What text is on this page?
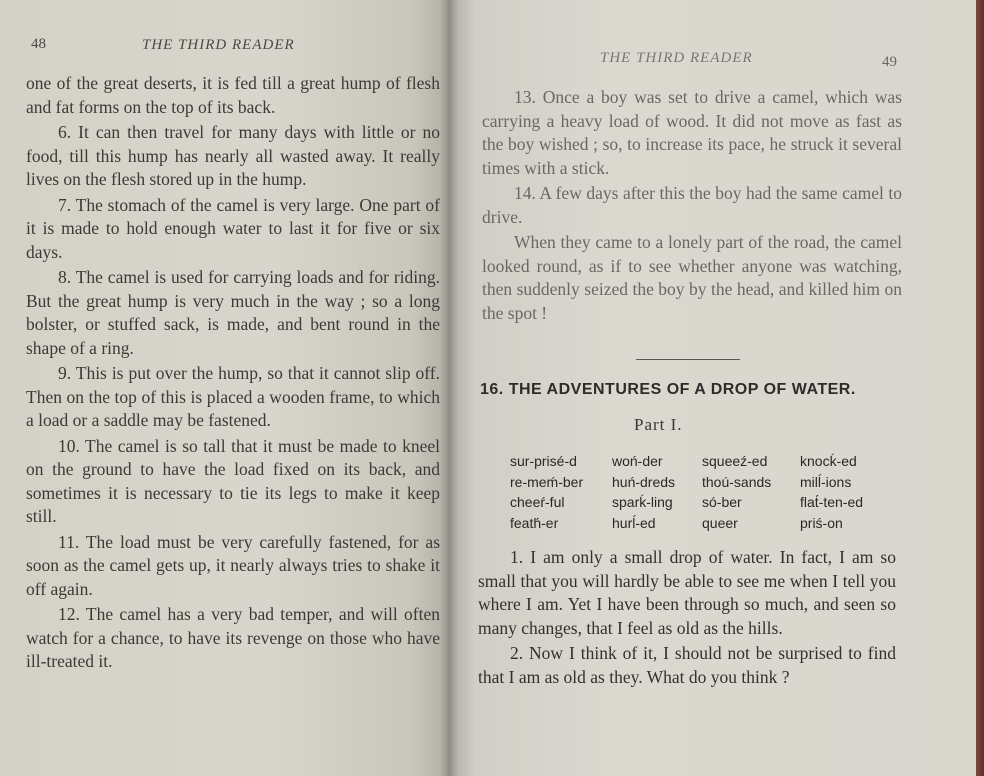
48	THE THIRD READER

one of the great deserts, it is fed till a great hump of flesh and fat forms on the top of its back.

6. It can then travel for many days with little or no food, till this hump has nearly all wasted away. It really lives on the flesh stored up in the hump.

7. The stomach of the camel is very large. One part of it is made to hold enough water to last it for five or six days.

8. The camel is used for carrying loads and for riding. But the great hump is very much in the way ; so a long bolster, or stuffed sack, is made, and bent round in the shape of a ring.

9. This is put over the hump, so that it cannot slip off. Then on the top of this is placed a wooden frame, to which a load or a saddle may be fastened.

10. The camel is so tall that it must be made to kneel on the ground to have the load fixed on its back, and sometimes it is necessary to tie its legs to make it keep still.

11. The load must be very carefully fastened, for as soon as the camel gets up, it nearly always tries to shake it off again.

12. The camel has a very bad temper, and will often watch for a chance, to have its revenge on those who have ill-treated it.

THE THIRD READER	49

13. Once a boy was set to drive a camel, which was carrying a heavy load of wood. It did not move as fast as the boy wished ; so, to increase its pace, he struck it several times with a stick.

14. A few days after this the boy had the same camel to drive.

When they came to a lonely part of the road, the camel looked round, as if to see whether anyone was watching, then suddenly seized the boy by the head, and killed him on the spot !

16. THE ADVENTURES OF A DROP OF WATER.
Part I.
sur-prisé-d
re-meḿ-ber
cheeŕ-ful
feath́-er
woń-der
huń-dreds
sparḱ-ling
hurĺ-ed
squeeź-ed
thoú-sands
só-ber
queer
knocḱ-ed
milĺ-ions
flat́-ten-ed
priś-on

1. I am only a small drop of water. In fact, I am so small that you will hardly be able to see me when I tell you where I am. Yet I have been through so much, and seen so many changes, that I feel as old as the hills.

2. Now I think of it, I should not be surprised to find that I am as old as they. What do you think ?
